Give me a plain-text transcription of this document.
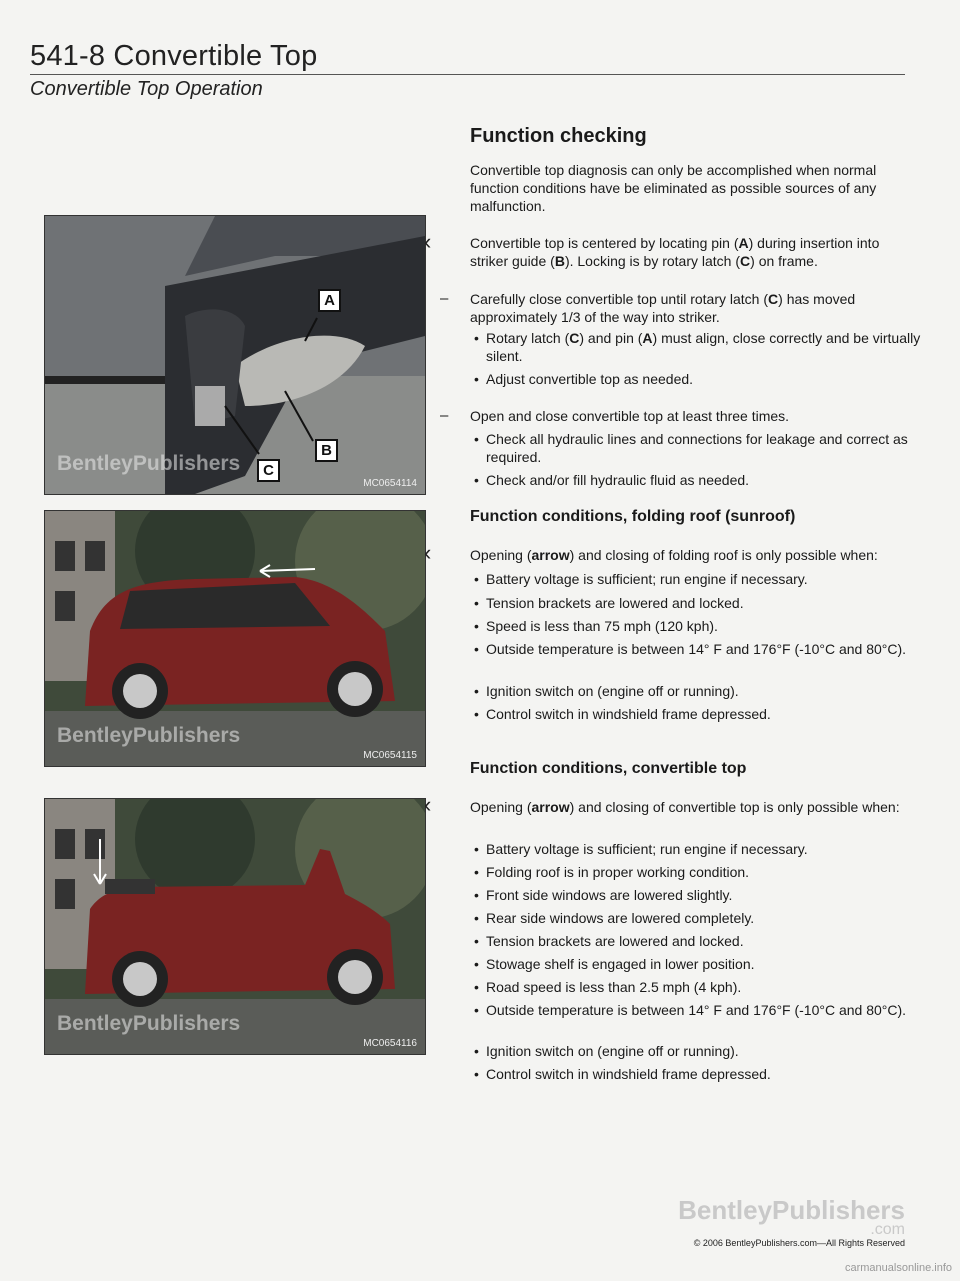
541-8 Convertible Top
Convertible Top Operation
A
B
C
BentleyPublishers
MC0654114
BentleyPublishers
MC0654115
BentleyPublishers
MC0654116
Function checking
Convertible top diagnosis can only be accomplished when normal function conditions have be eliminated as possible sources of any malfunction.
‹	Convertible top is centered by locating pin (A) during insertion into striker guide (B). Locking is by rotary latch (C) on frame.
– Carefully close convertible top until rotary latch (C) has moved approximately 1/3 of the way into striker.
• Rotary latch (C) and pin (A) must align, close correctly and be virtually silent.
• Adjust convertible top as needed.
– Open and close convertible top at least three times.
• Check all hydraulic lines and connections for leakage and correct as required.
• Check and/or fill hydraulic fluid as needed.
Function conditions, folding roof (sunroof)
‹	Opening (arrow) and closing of folding roof is only possible when:
• Battery voltage is sufficient; run engine if necessary.
• Tension brackets are lowered and locked.
• Speed is less than 75 mph (120 kph).
• Outside temperature is between 14° F and 176°F (-10°C and 80°C).
• Ignition switch on (engine off or running).
• Control switch in windshield frame depressed.
Function conditions, convertible top
‹	Opening (arrow) and closing of convertible top is only possible when:
• Battery voltage is sufficient; run engine if necessary.
• Folding roof is in proper working condition.
• Front side windows are lowered slightly.
• Rear side windows are lowered completely.
• Tension brackets are lowered and locked.
• Stowage shelf is engaged in lower position.
• Road speed is less than 2.5 mph (4 kph).
• Outside temperature is between 14° F and 176°F (-10°C and 80°C).
• Ignition switch on (engine off or running).
• Control switch in windshield frame depressed.
BentleyPublishers
.com
© 2006 BentleyPublishers.com—All Rights Reserved
carmanualsonline.info
